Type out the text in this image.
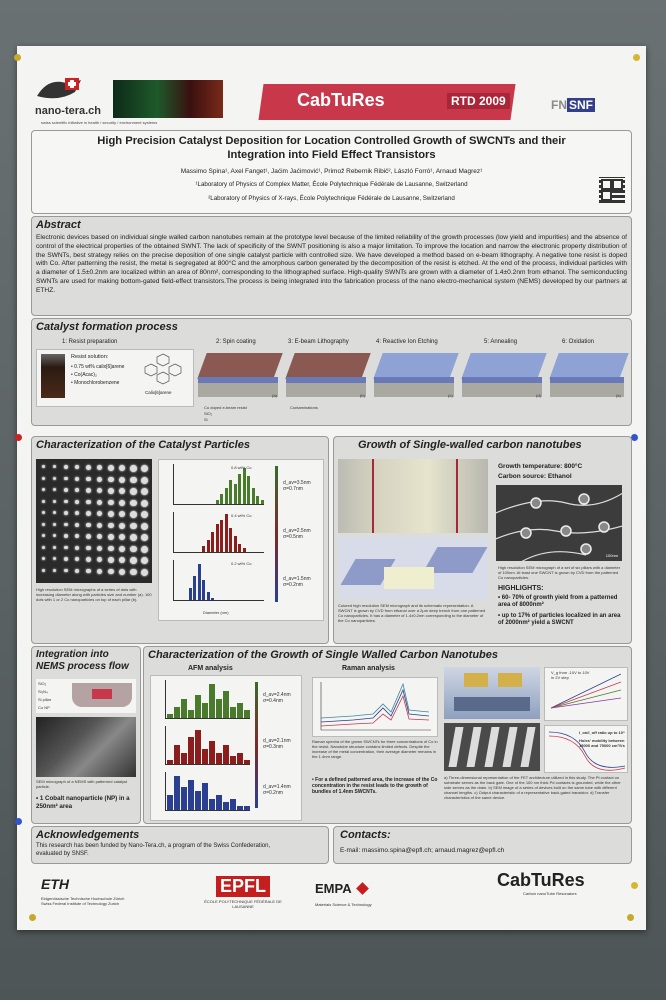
nano-tera.ch
swiss scientific initiative in health / security / environment systems
CabTuRes	RTD 2009	FN SNF
High Precision Catalyst Deposition for Location Controlled Growth of SWCNTs and their
Integration into Field Effect Transistors
Massimo Spina¹, Axel Fanget¹, Jaćim Jaćimović¹, Primož Rebernik Ribič², László Forró¹, Arnaud Magrez¹
¹Laboratory of Physics of Complex Matter, École Polytechnique Fédérale de Lausanne, Switzerland
²Laboratory of Physics of X-rays, École Polytechnique Fédérale de Lausanne, Switzerland
Abstract
Electronic devices based on individual single walled carbon nanotubes remain at the prototype level because of the limited reliability of the growth processes (low yield and impurities) and the absence of control of the electrical properties of the obtained SWNT. The lack of specificity of the SWNT positioning is also a major limitation. To improve the location and narrow the electronic property distribution of the SWNTs, best strategy relies on the precise deposition of one single catalyst particle with controlled size. We have developed a method based on e-beam lithography. A negative tone resist is doped with Co. After patterning the resist, the metal is segregated at 800°C and the amorphous carbon generated by the decomposition of the resist is etched. At the end of the process, individual particles with a diameter of 1.5±0.2nm are localized within an area of 80nm², corresponding to the lithographed surface. High-quality SWNTs are grown with a diameter of 1.4±0.2nm from ethanol. The semiconducting SWNTs are used for making bottom-gated field-effect transistors.The process is being integrated into the fabrication process of the nano electro-mechanical system (NEMS) developed by our partners at ETHZ.
Catalyst formation process
1: Resist preparation	2: Spin coating	3: E-beam Lithography	4: Reactive Ion Etching	5: Annealing	6: Oxidation
Resist solution:
• 0.75 wt% calix[6]arene
• Co(Acac)₂
• Monochlorobenzene
Calix[6]arene
(a)	(b)	(c)	(d)	(e)
Co doped e-beam resist
SiO₂
Si
Contaminations
Characterization of the Catalyst Particles
High resolution SEM micrographs of a series of dots with increasing diameter along with particles size and number (a). 100 dots with 1 or 2 Co nanoparticles on top of each pillar (b).
0.8 wt% Co
0.4 wt% Co
0.2 wt% Co
Diameter (nm)
d_av=3.5nm σ=0.7nm
d_av=2.5nm σ=0.5nm
d_av=1.5nm σ=0.2nm
Growth of Single-walled carbon nanotubes
Colored high resolution SEM micrograph and its schematic representation. A SWCNT is grown by CVD from ethanol over a 2µm deep trench from one patterned Co nanoparticles. It has a diameter of 1.4±0.2nm corresponding to the diameter of the Co nanoparticles.
Growth temperature: 800°C
Carbon source: Ethanol
100nm
High resolution SEM micrograph of a set of six pillars with a diameter of 100nm. At least one SWCNT is grown by CVD from the patterned Co nanoparticles.
HIGHLIGHTS:
• 60- 70% of growth yield from a patterned area of 8000nm²
• up to 17% of particles localized in an area of 2000nm² yield a SWCNT
Integration into NEMS process flow
SiO₂
Si₃N₄
Si pillar
Co NP
SEM micrograph of a NEMS with patterned catalyst particle.
• 1 Cobalt nanoparticle (NP) in a 250nm² area
Characterization of the Growth of Single Walled Carbon Nanotubes
AFM analysis
d_av=2.4nm σ=0.4nm
d_av=2.1nm σ=0.3nm
d_av=1.4nm σ=0.2nm
Raman analysis
Raman spectra of the grown SWCNTs for three concentrations of Co in the resist. Nanotube structure contains limited defects. Despite the increase of the metal concentration, their average diameter remains in the 1.4nm range.
• For a defined patterned area, the increase of the Co concentration in the resist leads to the growth of bundles of 1.4nm SWCNTs.
a) Three-dimensional representation of the FET architecture utilized in this study. The Pt contact on substrate serves as the back gate. One of the 100 nm thick Pd contacts is grounded, while the other side serves as the drain. b) SEM image of a series of devices built on the same tube with different channel lengths. c) Output characteristic of a representative back-gated transistor. d) Transfer characteristics of the same device.
V_g from -10V to 10V in 2V step
I_on/I_off ratio up to 10⁵
Holes' mobility between 15000 and 75000 cm²/Vs
Acknowledgements
This research has been funded by Nano-Tera.ch, a program of the Swiss Confederation, evaluated by SNSF.
Contacts:
E-mail: massimo.spina@epfl.ch; arnaud.magrez@epfl.ch
ETH
Eidgenössische Technische Hochschule Zürich
Swiss Federal Institute of Technology Zurich
EPFL
ÉCOLE POLYTECHNIQUE FÉDÉRALE DE LAUSANNE
EMPA
Materials Science & Technology
CabTuRes
Carbon nanoTube Resonators
